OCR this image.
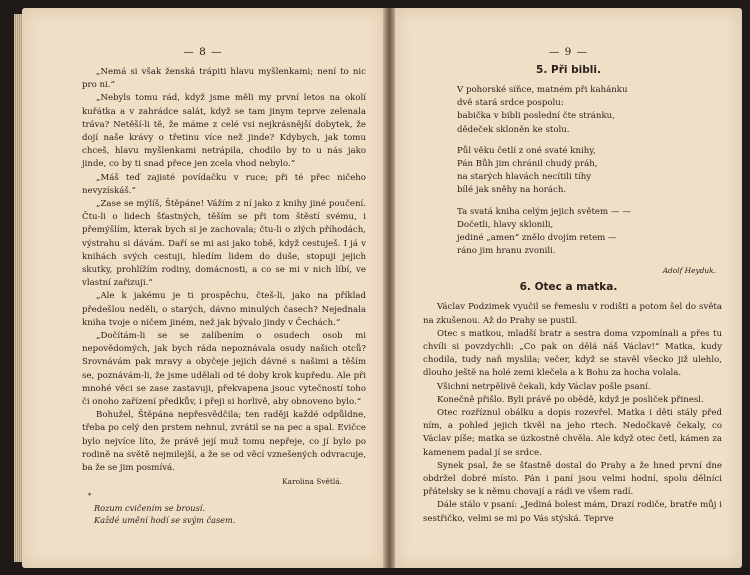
— 8 —

„Nemá si však ženská trápiti hlavu myšlenkami; není to nic pro ni.“

„Nebyls tomu rád, když jsme měli my první letos na okolí kuřátka a v zahrádce salát, když se tam jinym teprve zelenala tráva? Netěší-li tě, že máme z celé vsi nejkrásnější dobytek, že dojí naše krávy o třetinu více než jinde? Kdybych, jak tomu chceš, hlavu myšlenkami netrápila, chodilo by to u nás jako jinde, co by ti snad přece jen zcela vhod nebylo.“

„Máš teď zajisté povídačku v ruce; při té přec ničeho nevyzískáš.“

„Zase se mýlíš, Štěpáne! Vážím z ní jako z knihy jiné poučení. Čtu-li o lidech šťastných, těším se při tom štěstí svému, i přemýšlím, kterak bych si je zachovala; čtu-li o zlých příhodách, výstrahu si dávám. Daří se mi asi jako tobě, když cestuješ. I já v knihách svých cestuji, hledím lidem do duše, stopuji jejich skutky, prohlížím rodiny, domácnosti, a co se mi v nich líbí, ve vlastní zařizuji.“

„Ale k jakému je ti prospěchu, čteš-li, jako na příklad předešlou neděli, o starých, dávno minulých časech? Nejednala kniha tvoje o ničem jiném, než jak bývalo jindy v Čechách.“

„Dočítám-li se se zalíbením o osudech osob mi nepovědomých, jak bych ráda nepoznávala osudy našich otců? Srovnávám pak mravy a obyčeje jejich dávné s našimi a těším se, poznávám-li, že jsme udělali od té doby krok kupředu. Ale při mnohé věci se zase zastavuji, překvapena jsouc vytečností toho či onoho zařízení předkův, i přeji si horlivě, aby obnoveno bylo.“

Bohužel, Štěpána nepřesvědčila; ten raději každé odpůldne, třeba po celý den prstem nehnul, zvrátil se na pec a spal. Evičce bylo nejvíce líto, že právě její muž tomu nepřeje, co jí bylo po rodině na světě nejmilejší, a že se od věcí vznešených odvracuje, ba že se jim posmívá.

Karolina Světlá.
*
Rozum cvičením se brousí.
Každé umění hodí se svým časem.
— 9 —
5. Při bibli.
V pohorské síňce, matném při kahánku
dvě stará srdce pospolu:
babička v bibli poslední čte stránku,
dědeček skloněn ke stolu.
Půl věku četlí z oné svaté knihy,
Pán Bůh jim chránil chudý práh,
na starých hlavách necítili tíhy
bílé jak sněhy na horách.
Ta svatá kniha celým jejich světem — —
Dočetli, hlavy sklonili,
jediné „amen“ znělo dvojím retem —
ráno jim hranu zvonili.
Adolf Heyduk.
6. Otec a matka.

Václav Podzimek vyučil se řemeslu v rodišti a potom šel do světa na zkušenou. Až do Prahy se pustil.

Otec s matkou, mladší bratr a sestra doma vzpomínali a přes tu chvíli si povzdychli: „Co pak on dělá náš Václav!“ Matka, kudy chodila, tudy naň myslila; večer, když se stavěl všecko již ulehlo, dlouho ještě na holé zemi klečela a k Bohu za hocha volala.

Všichni netrpělivě čekali, kdy Václav pošle psaní.

Konečně přišlo. Byli právě po obědě, když je posliček přinesl.

Otec rozříznul obálku a dopis rozevřel. Matka i děti stály před ním, a pohled jejich tkvěl na jeho rtech. Nedočkavě čekaly, co Václav píše; matka se úzkostně chvěla. Ale když otec četl, kámen za kamenem padal jí se srdce.

Synek psal, že se šťastně dostal do Prahy a že hned první dne obdržel dobré místo. Pán i paní jsou velmi hodní, spolu dělníci přátelsky se k němu chovají a rádi ve všem radí.

Dále stálo v psaní: „Jediná bolest mám, Drazí rodiče, bratře můj i sestřičko, velmi se mi po Vás stýská. Teprve
